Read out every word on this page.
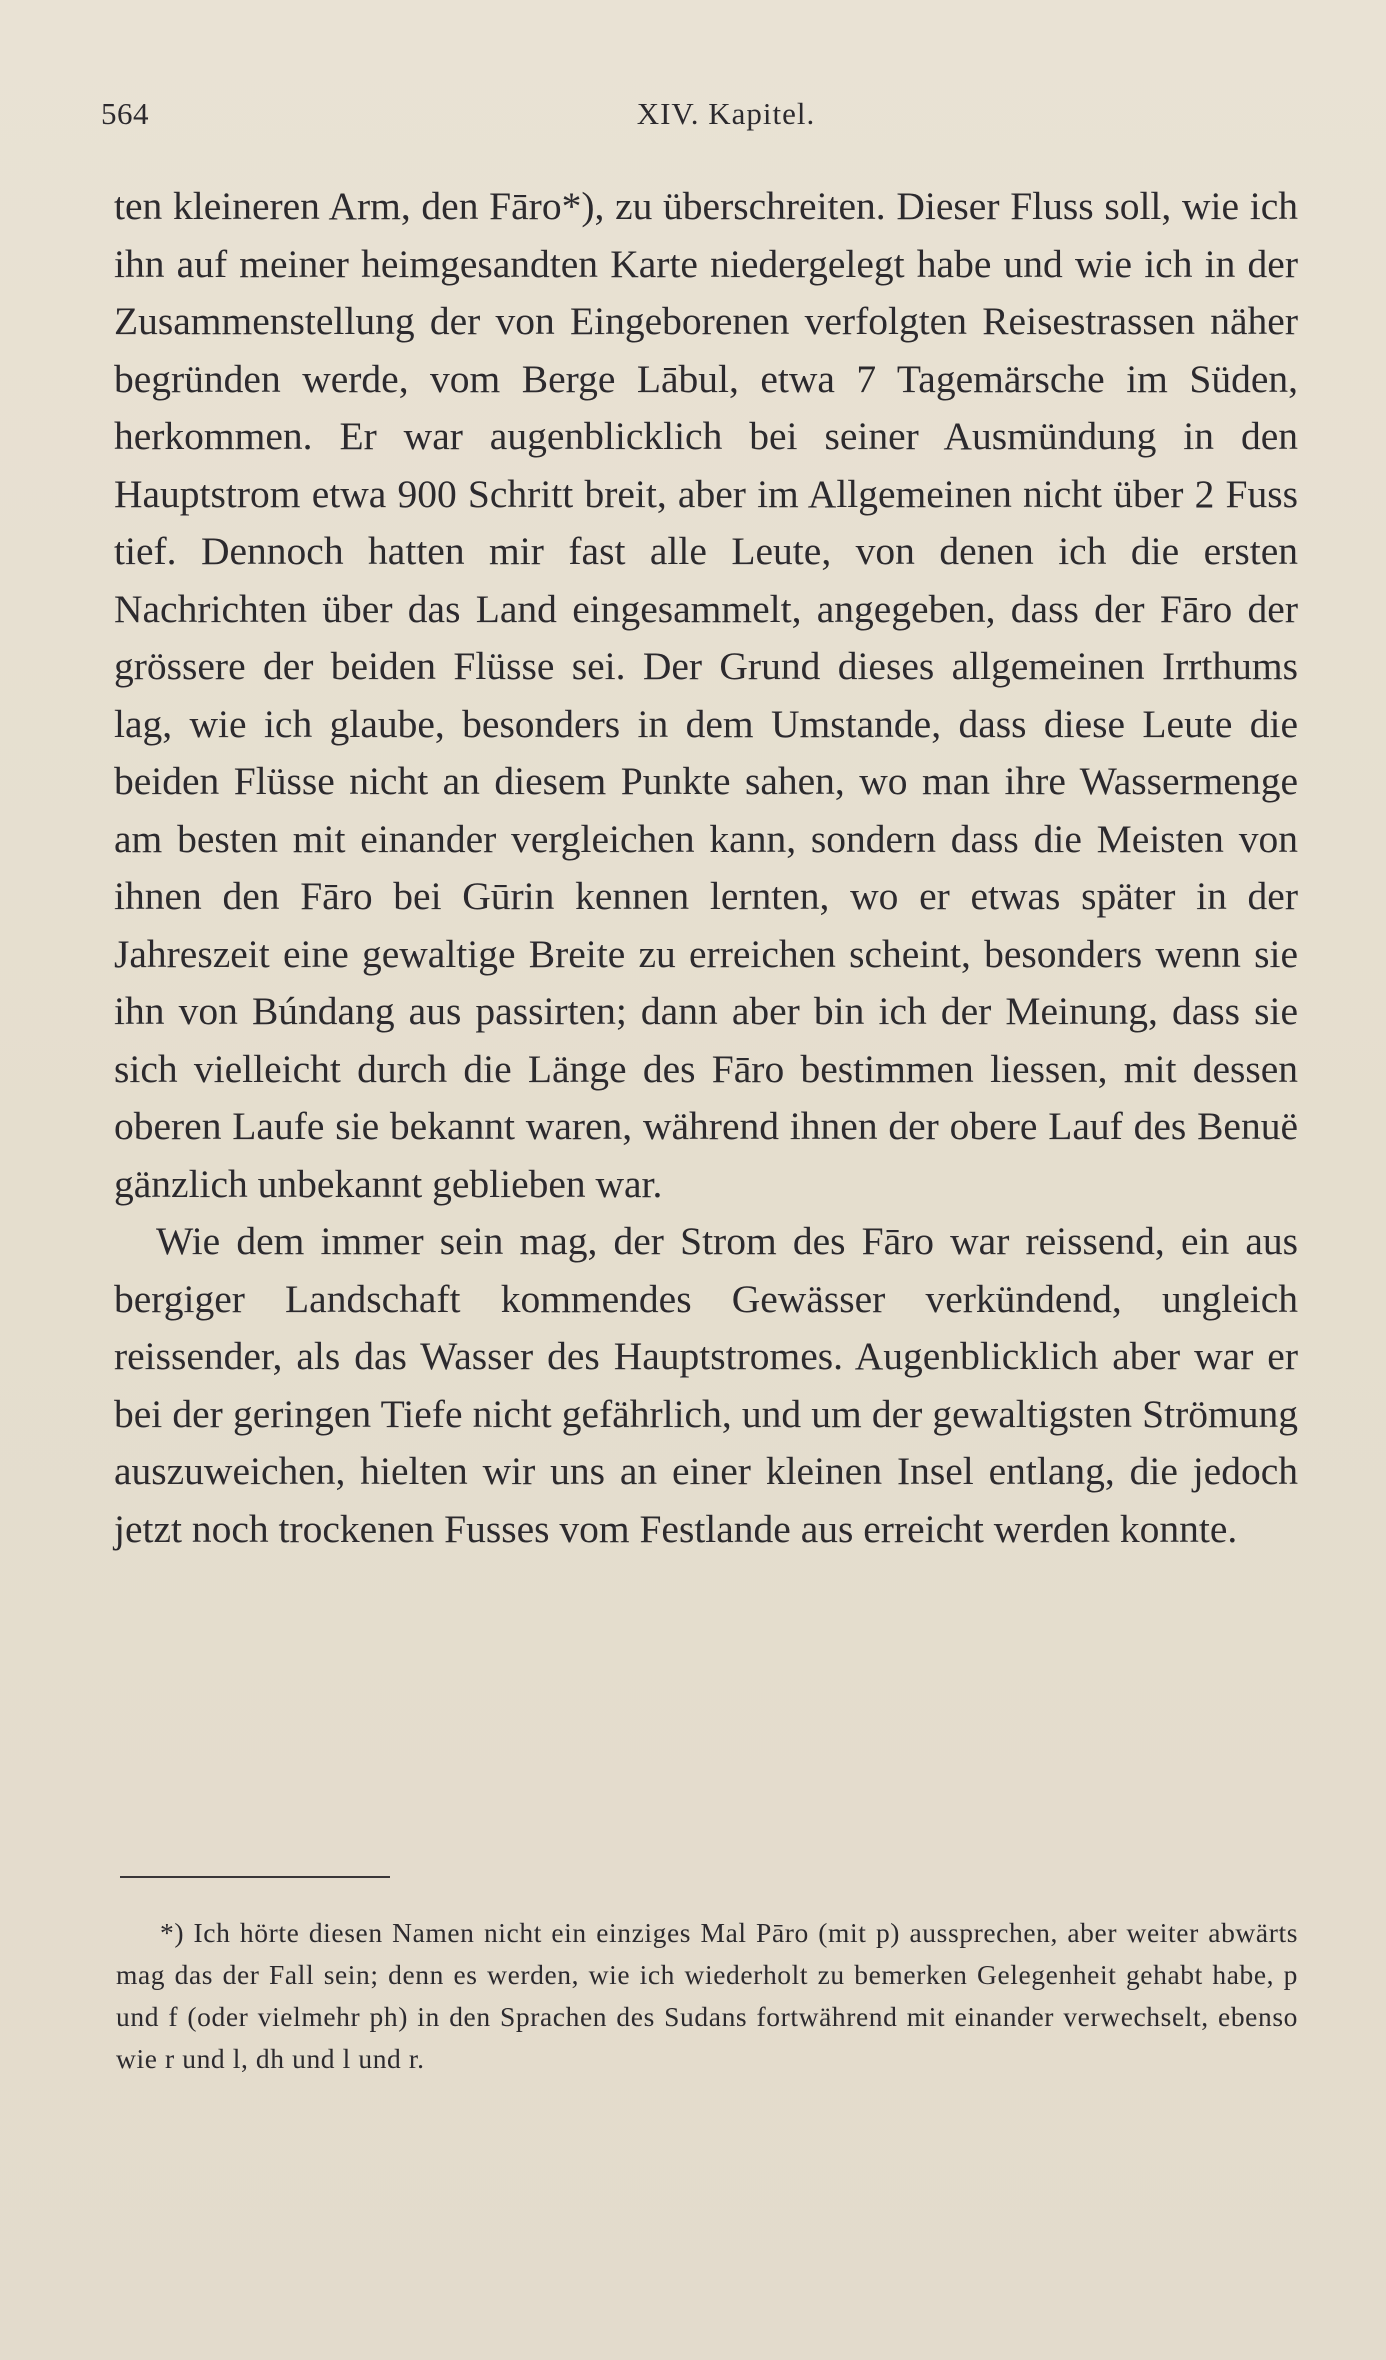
564	XIV. Kapitel.

ten kleineren Arm, den Fāro*), zu überschreiten. Dieser Fluss soll, wie ich ihn auf meiner heimgesandten Karte niedergelegt habe und wie ich in der Zusammenstellung der von Eingeborenen verfolgten Reisestrassen näher begründen werde, vom Berge Lābul, etwa 7 Tagemärsche im Süden, herkommen. Er war augenblicklich bei seiner Ausmündung in den Hauptstrom etwa 900 Schritt breit, aber im Allgemeinen nicht über 2 Fuss tief. Dennoch hatten mir fast alle Leute, von denen ich die ersten Nachrichten über das Land eingesammelt, angegeben, dass der Fāro der grössere der beiden Flüsse sei. Der Grund dieses allgemeinen Irrthums lag, wie ich glaube, besonders in dem Umstande, dass diese Leute die beiden Flüsse nicht an diesem Punkte sahen, wo man ihre Wassermenge am besten mit einander vergleichen kann, sondern dass die Meisten von ihnen den Fāro bei Gūrin kennen lernten, wo er etwas später in der Jahreszeit eine gewaltige Breite zu erreichen scheint, besonders wenn sie ihn von Búndang aus passirten; dann aber bin ich der Meinung, dass sie sich vielleicht durch die Länge des Fāro bestimmen liessen, mit dessen oberen Laufe sie bekannt waren, während ihnen der obere Lauf des Benuë gänzlich unbekannt geblieben war.

Wie dem immer sein mag, der Strom des Fāro war reissend, ein aus bergiger Landschaft kommendes Gewässer verkündend, ungleich reissender, als das Wasser des Hauptstromes. Augenblicklich aber war er bei der geringen Tiefe nicht gefährlich, und um der gewaltigsten Strömung auszuweichen, hielten wir uns an einer kleinen Insel entlang, die jedoch jetzt noch trockenen Fusses vom Festlande aus erreicht werden konnte.

*) Ich hörte diesen Namen nicht ein einziges Mal Pāro (mit p) aussprechen, aber weiter abwärts mag das der Fall sein; denn es werden, wie ich wiederholt zu bemerken Gelegenheit gehabt habe, p und f (oder vielmehr ph) in den Sprachen des Sudans fortwährend mit einander verwechselt, ebenso wie r und l, dh und l und r.
